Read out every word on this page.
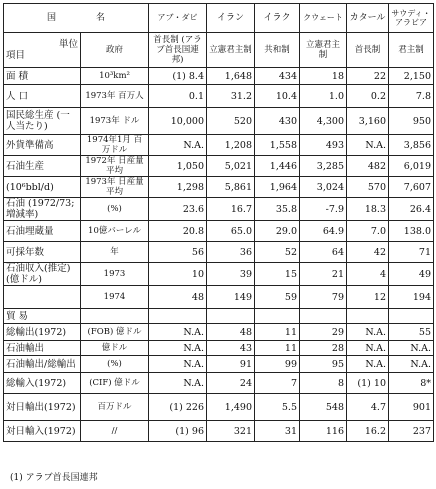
国 名		アブ・ダビ	イラン	イラク	クウェート	カタール	サウディ・アラビア

単位
項目	政府	首長制 (アラブ首長国連邦)	立憲君主制	共和制	立憲君主制	首長制	君主制
面 積	10³km²	(1) 8.4	1,648	434	18	22	2,150
人 口	1973年 百万人	0.1	31.2	10.4	1.0	0.2	7.8
国民総生産 (一人当たり)	1973年 ドル	10,000	520	430	4,300	3,160	950
外貨準備高	1974年1月 百万ドル	N.A.	1,208	1,558	493	N.A.	3,856
石油生産	1972年 日産量平均	1,050	5,021	1,446	3,285	482	6,019
(10⁶bbl/d)	1973年 日産量平均	1,298	5,861	1,964	3,024	570	7,607
石油 (1972/73;増減率)	(%)	23.6	16.7	35.8	-7.9	18.3	26.4
石油埋蔵量	10億バーレル	20.8	65.0	29.0	64.9	7.0	138.0
可採年数	年	56	36	52	64	42	71
石油収入(推定) (億ドル)	1973	10	39	15	21	4	49
	1974	48	149	59	79	12	194
貿 易							
総輸出(1972)	(FOB) 億ドル	N.A.	48	11	29	N.A.	55
石油輸出	億ドル	N.A.	43	11	28	N.A.	N.A.
石油輸出/総輸出	(%)	N.A.	91	99	95	N.A.	N.A.
総輸入(1972)	(CIF) 億ドル	N.A.	24	7	8	(1) 10	8*
対日輸出(1972)	百万ドル	(1) 226	1,490	5.5	548	4.7	901
対日輸入(1972)	//	(1) 96	321	31	116	16.2	237
(1) アラブ首長国連邦
